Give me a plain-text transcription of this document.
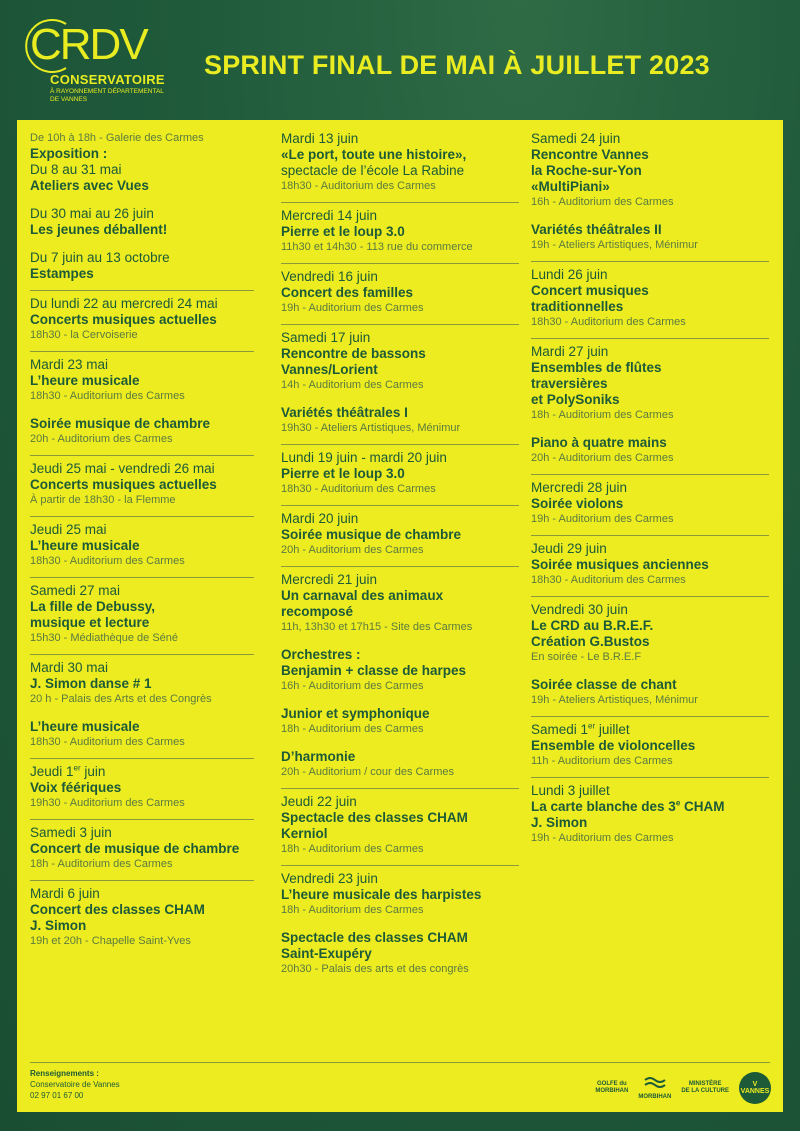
CRDV
CONSERVATOIRE
À RAYONNEMENT DÉPARTEMENTAL
DE VANNES
SPRINT FINAL DE MAI À JUILLET 2023
De 10h à 18h - Galerie des Carmes
Exposition :
Du 8 au 31 mai
Ateliers avec Vues
Du 30 mai au 26 juin
Les jeunes déballent!
Du 7 juin au 13 octobre
Estampes
Du lundi 22 au mercredi 24 mai
Concerts musiques actuelles
18h30 - la Cervoiserie
Mardi 23 mai
L’heure musicale
18h30 - Auditorium des Carmes
Soirée musique de chambre
20h - Auditorium des Carmes
Jeudi 25 mai - vendredi 26 mai
Concerts musiques actuelles
À partir de 18h30 - la Flemme
Jeudi 25 mai
L’heure musicale
18h30 - Auditorium des Carmes
Samedi 27 mai
La fille de Debussy,
musique et lecture
15h30 - Médiathèque de Séné
Mardi 30 mai
J. Simon danse # 1
20 h - Palais des Arts et des Congrès
L’heure musicale
18h30 - Auditorium des Carmes
Jeudi 1er juin
Voix féériques
19h30 - Auditorium des Carmes
Samedi 3 juin
Concert de musique de chambre
18h - Auditorium des Carmes
Mardi 6 juin
Concert des classes CHAM
J. Simon
19h et 20h - Chapelle Saint-Yves
Mardi 13 juin
«Le port, toute une histoire»,
spectacle de l’école La Rabine
18h30 - Auditorium des Carmes
Mercredi 14 juin
Pierre et le loup 3.0
11h30 et 14h30 - 113 rue du commerce
Vendredi 16 juin
Concert des familles
19h - Auditorium des Carmes
Samedi 17 juin
Rencontre de bassons
Vannes/Lorient
14h - Auditorium des Carmes
Variétés théâtrales I
19h30 - Ateliers Artistiques, Ménimur
Lundi 19 juin - mardi 20 juin
Pierre et le loup 3.0
18h30 - Auditorium des Carmes
Mardi 20 juin
Soirée musique de chambre
20h - Auditorium des Carmes
Mercredi 21 juin
Un carnaval des animaux
recomposé
11h, 13h30 et 17h15 - Site des Carmes
Orchestres :
Benjamin + classe de harpes
16h - Auditorium des Carmes
Junior et symphonique
18h - Auditorium des Carmes
D’harmonie
20h - Auditorium / cour des Carmes
Jeudi 22 juin
Spectacle des classes CHAM
Kerniol
18h - Auditorium des Carmes
Vendredi 23 juin
L’heure musicale des harpistes
18h - Auditorium des Carmes
Spectacle des classes CHAM
Saint-Exupéry
20h30 - Palais des arts et des congrès
Samedi 24 juin
Rencontre Vannes
la Roche-sur-Yon
«MultiPiani»
16h - Auditorium des Carmes
Variétés théâtrales II
19h - Ateliers Artistiques, Ménimur
Lundi 26 juin
Concert musiques
traditionnelles
18h30 - Auditorium des Carmes
Mardi 27 juin
Ensembles de flûtes
traversières
et PolySoniks
18h - Auditorium des Carmes
Piano à quatre mains
20h - Auditorium des Carmes
Mercredi 28 juin
Soirée violons
19h - Auditorium des Carmes
Jeudi 29 juin
Soirée musiques anciennes
18h30 - Auditorium des Carmes
Vendredi 30 juin
Le CRD au B.R.E.F.
Création G.Bustos
En soirée - Le B.R.E.F
Soirée classe de chant
19h - Ateliers Artistiques, Ménimur
Samedi 1er juillet
Ensemble de violoncelles
11h - Auditorium des Carmes
Lundi 3 juillet
La carte blanche des 3e CHAM
J. Simon
19h - Auditorium des Carmes
Renseignements :
Conservatoire de Vannes
02 97 01 67 00
GOLFE du
MORBIHAN
MORBIHAN
MINISTÈRE
DE LA CULTURE
V
VANNES
